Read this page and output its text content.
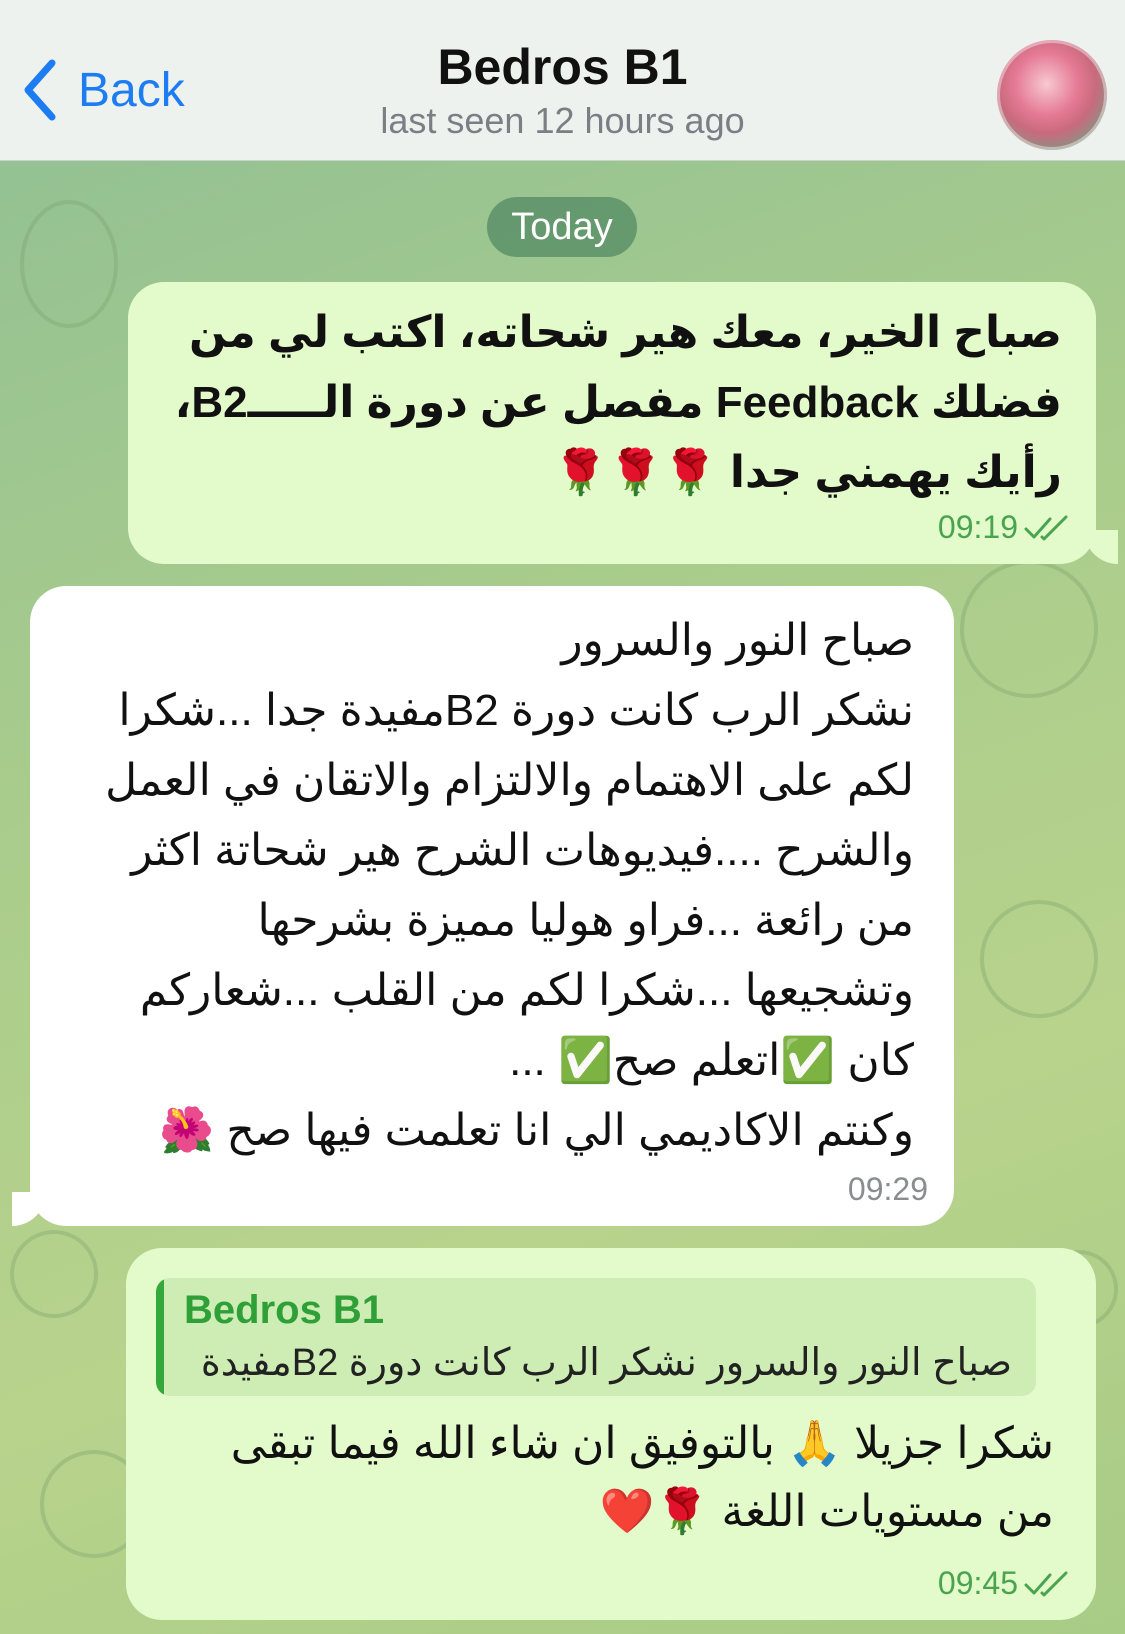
Back	Bedros B1
last seen 12 hours ago
Today
صباح الخير، معك هير شحاته، اكتب لي من
فضلك Feedback مفصل عن دورة الـــــB2،
رأيك يهمني جدا 🌹🌹🌹
09:19
صباح النور والسرور
نشكر الرب كانت دورة B2مفيدة جدا ...شكرا
لكم على الاهتمام والالتزام والاتقان في العمل
والشرح ....فيديوهات الشرح هير شحاتة اكثر
من رائعة ...فراو هوليا مميزة بشرحها
وتشجيعها ...شكرا لكم من القلب ...شعاركم
كان ✅اتعلم صح✅ ...
وكنتم الاكاديمي الي انا تعلمت فيها صح 🌺
09:29
Bedros B1
صباح النور والسرور نشكر الرب كانت دورة B2مفيدة
شكرا جزيلا 🙏 بالتوفيق ان شاء الله فيما تبقى
من مستويات اللغة 🌹❤️
09:45
